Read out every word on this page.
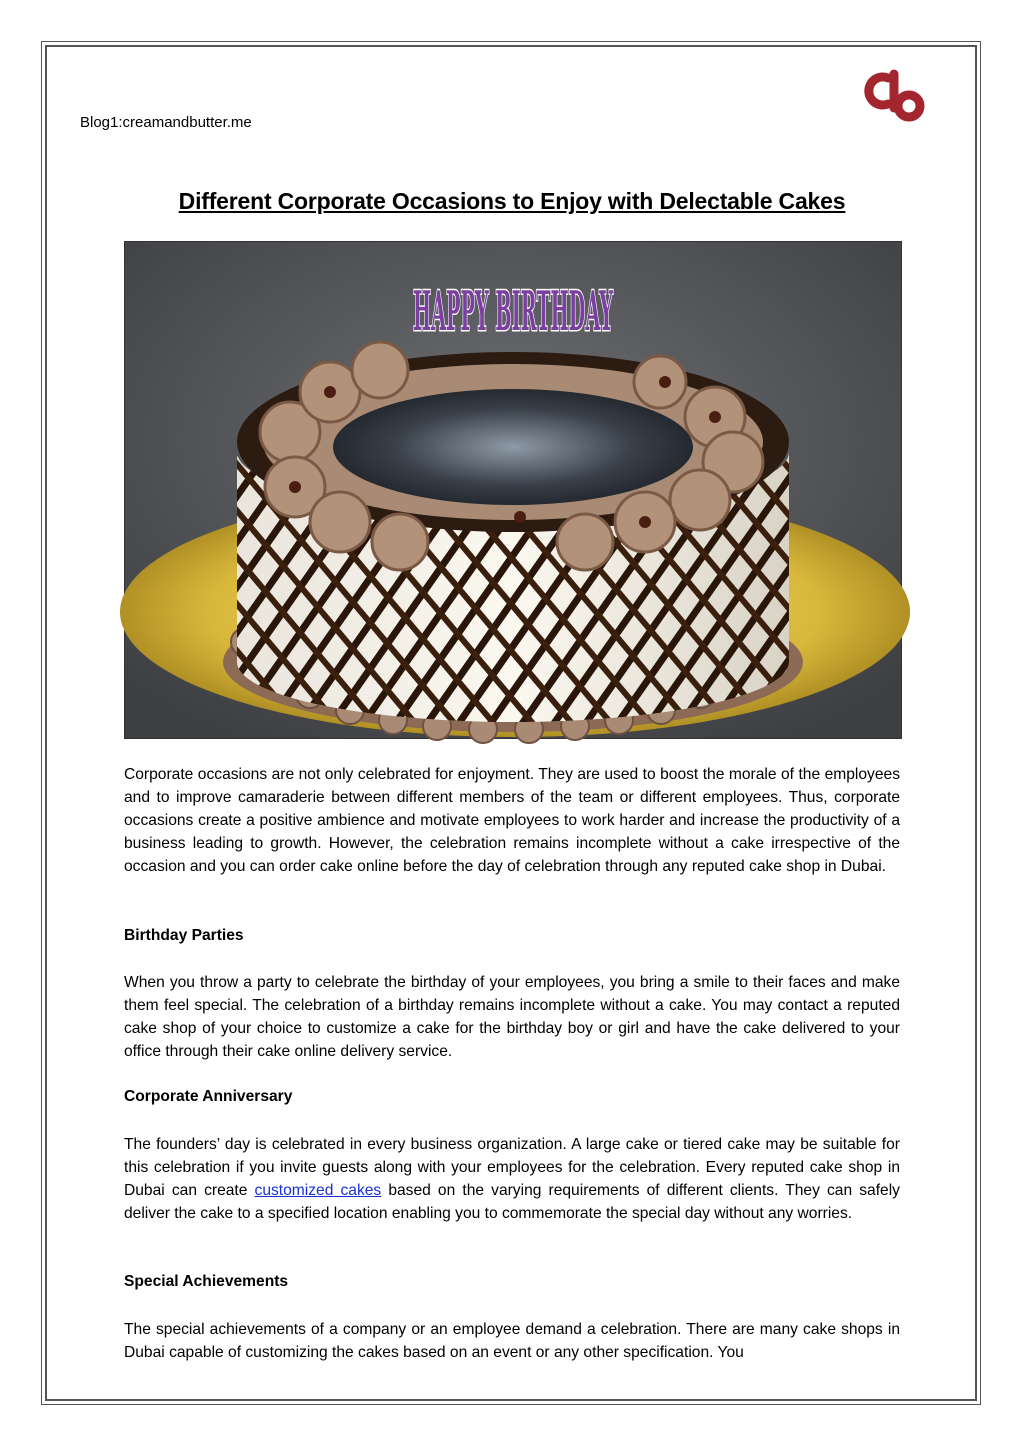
Blog1:creamandbutter.me
Different Corporate Occasions to Enjoy with Delectable Cakes
HAPPY BIRTHDAY
Corporate occasions are not only celebrated for enjoyment. They are used to boost the morale of the employees and to improve camaraderie between different members of the team or different employees. Thus, corporate occasions create a positive ambience and motivate employees to work harder and increase the productivity of a business leading to growth. However, the celebration remains incomplete without a cake irrespective of the occasion and you can order cake online before the day of celebration through any reputed cake shop in Dubai.
Birthday Parties
When you throw a party to celebrate the birthday of your employees, you bring a smile to their faces and make them feel special. The celebration of a birthday remains incomplete without a cake. You may contact a reputed cake shop of your choice to customize a cake for the birthday boy or girl and have the cake delivered to your office through their cake online delivery service.
Corporate Anniversary
The founders’ day is celebrated in every business organization. A large cake or tiered cake may be suitable for this celebration if you invite guests along with your employees for the celebration. Every reputed cake shop in Dubai can create customized cakes based on the varying requirements of different clients. They can safely deliver the cake to a specified location enabling you to commemorate the special day without any worries.
Special Achievements
The special achievements of a company or an employee demand a celebration. There are many cake shops in Dubai capable of customizing the cakes based on an event or any other specification. You
